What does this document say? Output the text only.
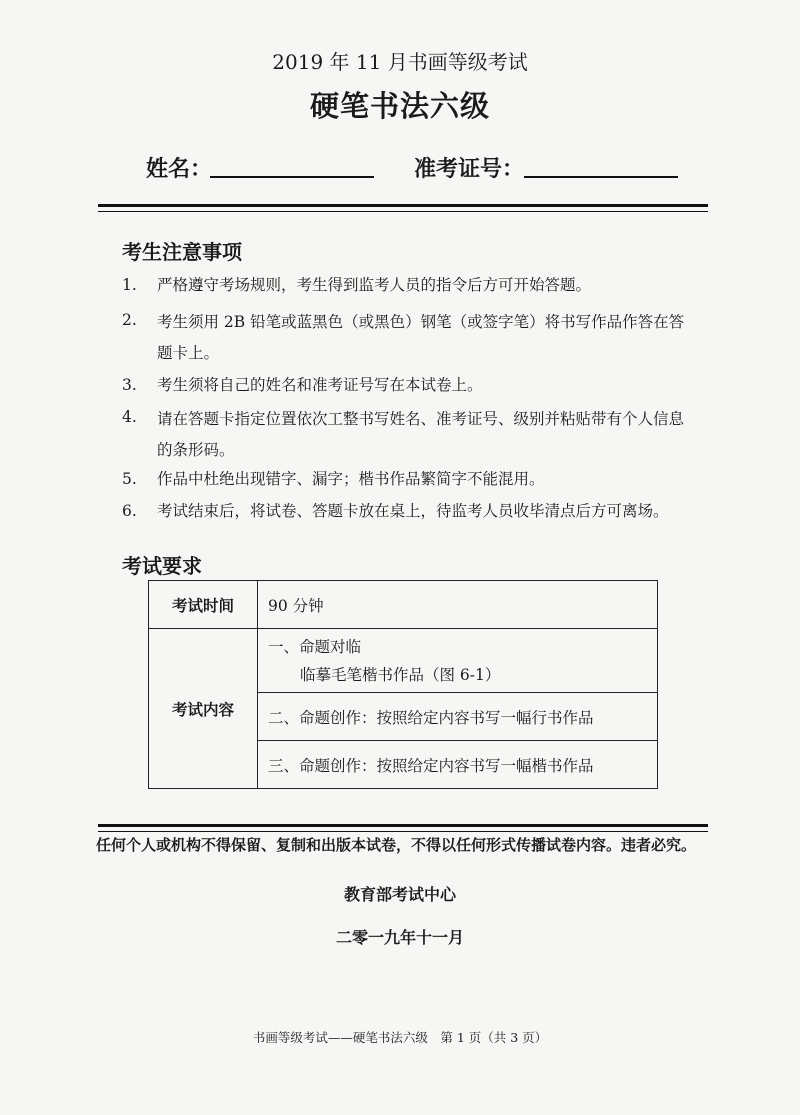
2019 年 11 月书画等级考试
硬笔书法六级
姓名：	准考证号：
考生注意事项
1.	严格遵守考场规则，考生得到监考人员的指令后方可开始答题。
2.	考生须用 2B 铅笔或蓝黑色（或黑色）钢笔（或签字笔）将书写作品作答在答题卡上。
3.	考生须将自己的姓名和准考证号写在本试卷上。
4.	请在答题卡指定位置依次工整书写姓名、准考证号、级别并粘贴带有个人信息的条形码。
5.	作品中杜绝出现错字、漏字；楷书作品繁简字不能混用。
6.	考试结束后，将试卷、答题卡放在桌上，待监考人员收毕清点后方可离场。
考试要求
考试时间	90 分钟
考试内容	一、命题对临
临摹毛笔楷书作品（图 6-1）

	二、命题创作：按照给定内容书写一幅行书作品
	三、命题创作：按照给定内容书写一幅楷书作品
任何个人或机构不得保留、复制和出版本试卷，不得以任何形式传播试卷内容。违者必究。
教育部考试中心
二零一九年十一月
书画等级考试——硬笔书法六级　第 1 页（共 3 页）
